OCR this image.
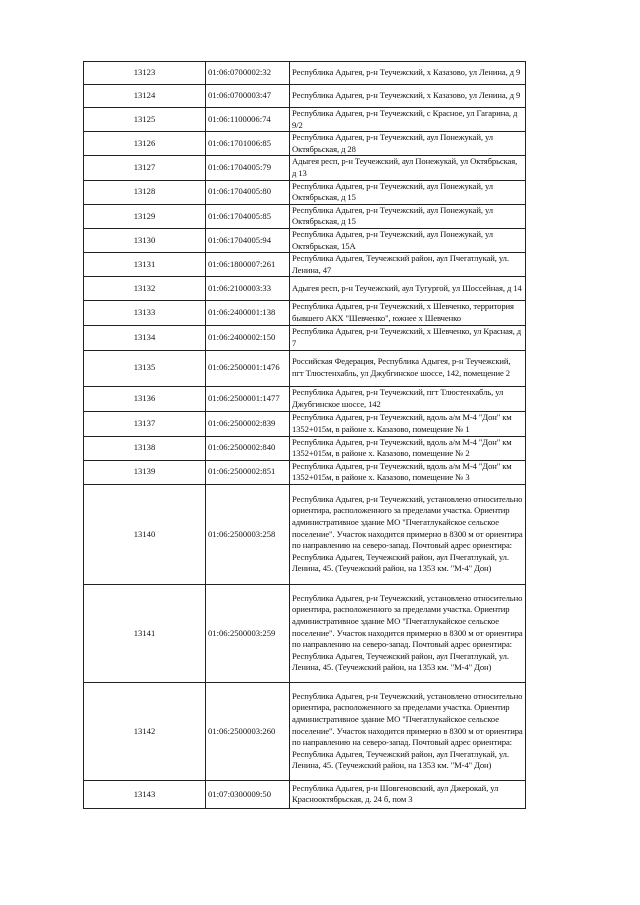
13123	01:06:0700002:32	Республика Адыгея, р-н Теучежский, х Казазово, ул Ленина, д 9
13124	01:06:0700003:47	Республика Адыгея, р-н Теучежский, х Казазово, ул Ленина, д 9
13125	01:06:1100006:74	Республика Адыгея, р-н Теучежский, с Красное, ул Гагарина, д 9/2
13126	01:06:1701006:85	Республика Адыгея, р-н Теучежский, аул Понежукай, ул Октябрьская, д 28
13127	01:06:1704005:79	Адыгея респ, р-н Теучежский, аул Понежукай, ул Октябрьская, д 13
13128	01:06:1704005:80	Республика Адыгея, р-н Теучежский, аул Понежукай, ул Октябрьская, д 15
13129	01:06:1704005:85	Республика Адыгея, р-н Теучежский, аул Понежукай, ул Октябрьская, д 15
13130	01:06:1704005:94	Республика Адыгея, р-н Теучежский, аул Понежукай, ул Октябрьская, 15А
13131	01:06:1800007:261	Республика Адыгея, Теучежский район, аул Пчегатлукай, ул. Ленина, 47
13132	01:06:2100003:33	Адыгея респ, р-н Теучежский, аул Тугургой, ул Шоссейная, д 14
13133	01:06:2400001:138	Республика Адыгея, р-н Теучежский, х Шевченко, территория бывшего АКХ "Шевченко", южнее х Шевченко
13134	01:06:2400002:150	Республика Адыгея, р-н Теучежский, х Шевченко, ул Красная, д 7
13135	01:06:2500001:1476	Российская Федерация, Республика Адыгея, р-н Теучежский, пгт Тлюстенхабль, ул Джубгинское шоссе, 142, помещение 2
13136	01:06:2500001:1477	Республика Адыгея, р-н Теучежский, пгт Тлюстенхабль, ул Джубгинское шоссе, 142
13137	01:06:2500002:839	Республика Адыгея, р-н Теучежский, вдоль а/м М-4 "Дон" км 1352+015м, в районе х. Казазово, помещение № 1
13138	01:06:2500002:840	Республика Адыгея, р-н Теучежский, вдоль а/м М-4 "Дон" км 1352+015м, в районе х. Казазово, помещение № 2
13139	01:06:2500002:851	Республика Адыгея, р-н Теучежский, вдоль а/м М-4 "Дон" км 1352+015м, в районе х. Казазово, помещение № 3
13140	01:06:2500003:258	Республика Адыгея, р-н Теучежский, установлено относительно ориентира, расположенного за пределами участка. Ориентир административное здание МО "Пчегатлукайское сельское поселение". Участок находится примерно в 8300 м от ориентира по направлению на северо-запад. Почтовый адрес ориентира: Республика Адыгея, Теучежский район, аул Пчегатлукай, ул. Ленина, 45. (Теучежский район, на 1353 км. "М-4" Дон)
13141	01:06:2500003:259	Республика Адыгея, р-н Теучежский, установлено относительно ориентира, расположенного за пределами участка. Ориентир административное здание МО "Пчегатлукайское сельское поселение". Участок находится примерно в 8300 м от ориентира по направлению на северо-запад. Почтовый адрес ориентира: Республика Адыгея, Теучежский район, аул Пчегатлукай, ул. Ленина, 45. (Теучежский район, на 1353 км. "М-4" Дон)
13142	01:06:2500003:260	Республика Адыгея, р-н Теучежский, установлено относительно ориентира, расположенного за пределами участка. Ориентир административное здание МО "Пчегатлукайское сельское поселение". Участок находится примерно в 8300 м от ориентира по направлению на северо-запад. Почтовый адрес ориентира: Республика Адыгея, Теучежский район, аул Пчегатлукай, ул. Ленина, 45. (Теучежский район, на 1353 км. "М-4" Дон)
13143	01:07:0300009:50	Республика Адыгея, р-н Шовгеновский, аул Джерокай, ул Краснооктябрьская, д. 24 б, пом 3
